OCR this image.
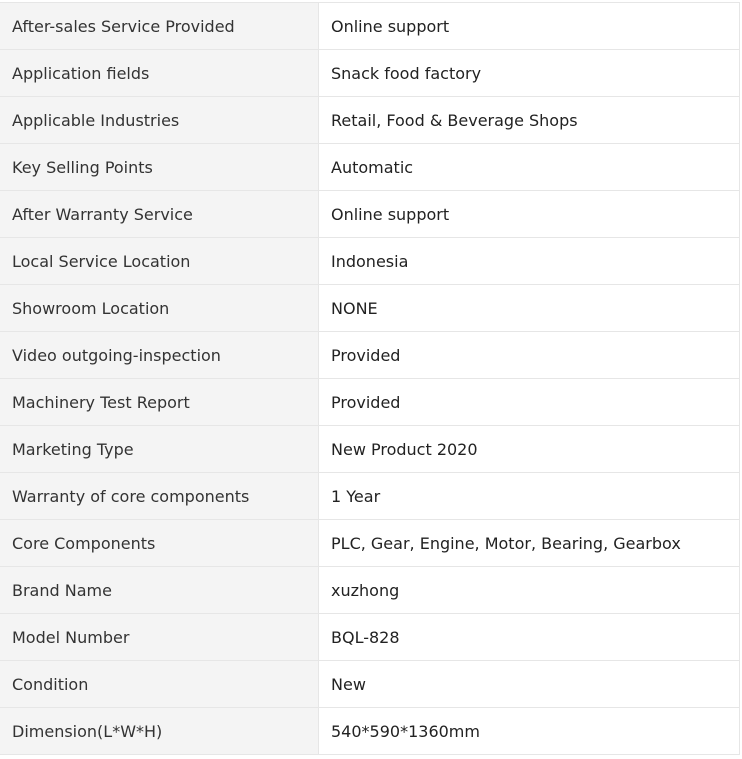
After-sales Service Provided	Online support
Application fields	Snack food factory
Applicable Industries	Retail, Food & Beverage Shops
Key Selling Points	Automatic
After Warranty Service	Online support
Local Service Location	Indonesia
Showroom Location	NONE
Video outgoing-inspection	Provided
Machinery Test Report	Provided
Marketing Type	New Product 2020
Warranty of core components	1 Year
Core Components	PLC, Gear, Engine, Motor, Bearing, Gearbox
Brand Name	xuzhong
Model Number	BQL-828
Condition	New
Dimension(L*W*H)	540*590*1360mm
